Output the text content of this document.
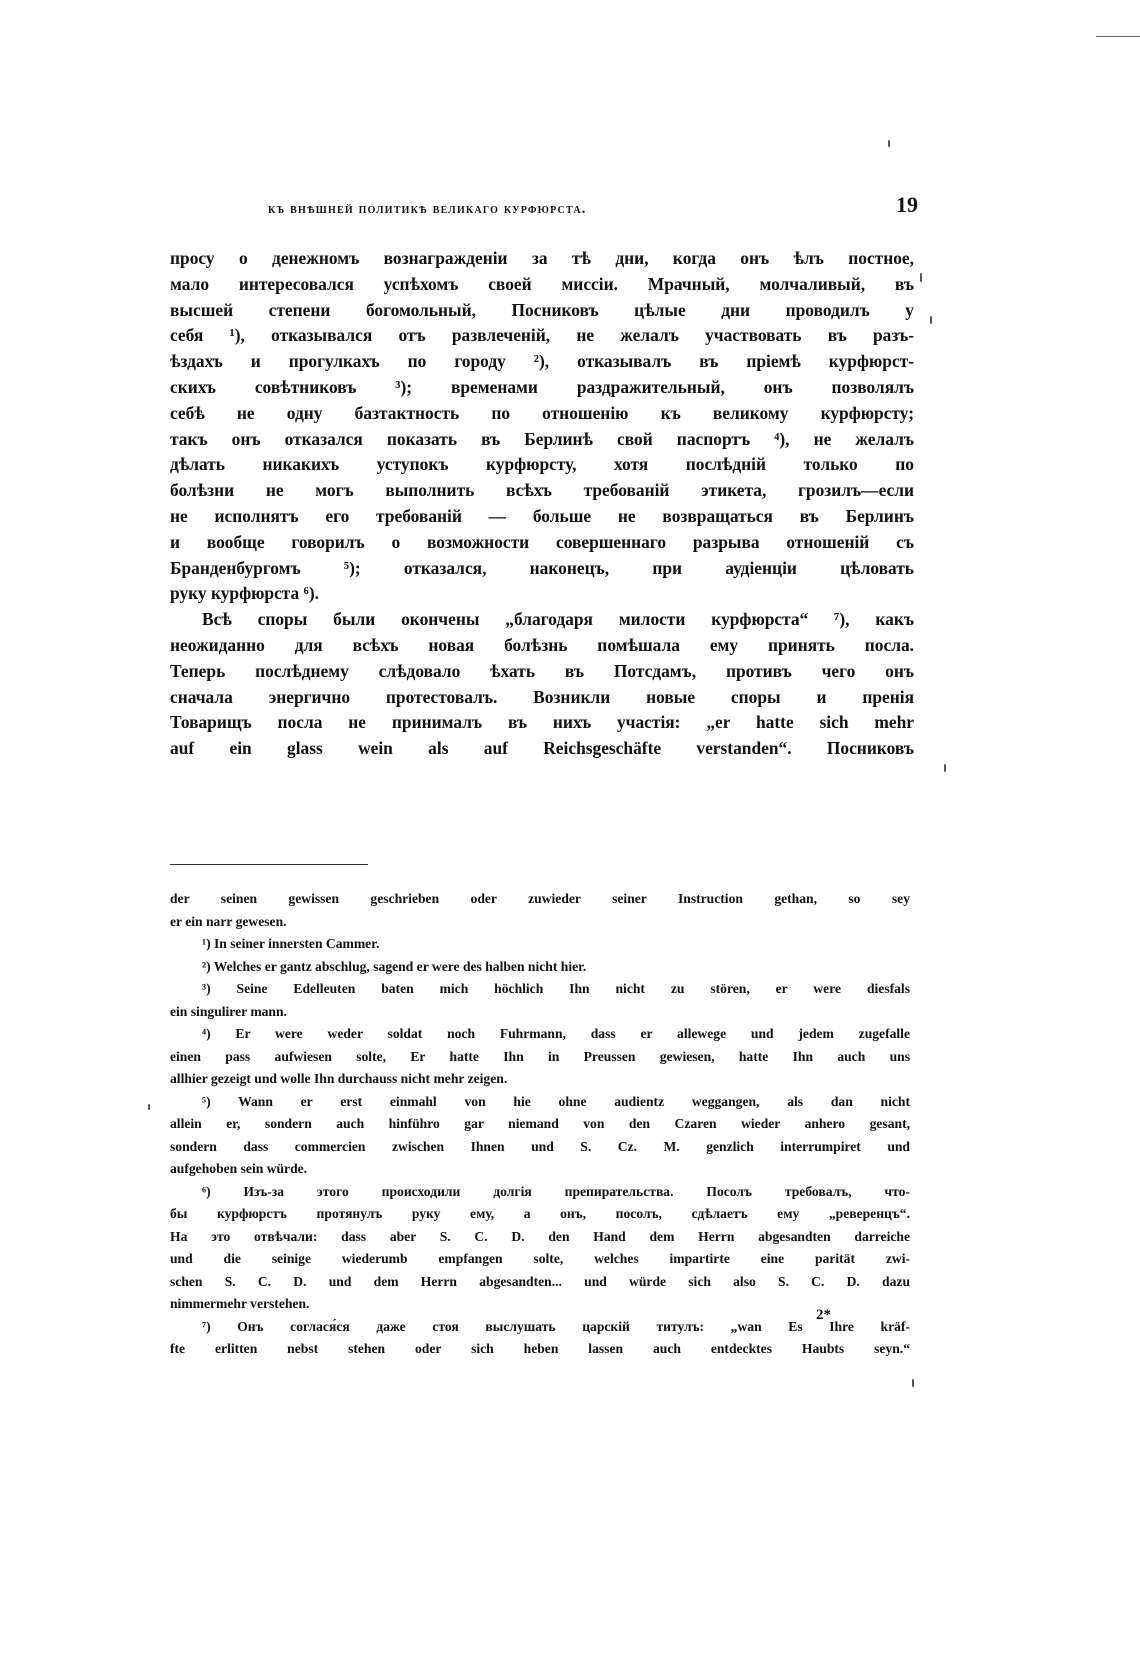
къ внѣшней политикѣ великаго курфюрста.	19
просу о денежномъ вознагражденіи за тѣ дни, когда онъ ѣлъ постное,
мало интересовался успѣхомъ своей миссіи. Мрачный, молчаливый, въ
высшей степени богомольный, Посниковъ цѣлые дни проводилъ у
себя ¹), отказывался отъ развлеченій, не желалъ участвовать въ разъ-
ѣздахъ и прогулкахъ по городу ²), отказывалъ въ пріемѣ курфюрст-
скихъ совѣтниковъ ³); временами раздражительный, онъ позволялъ
себѣ не одну базтактность по отношенію къ великому курфюрсту;
такъ онъ отказался показать въ Берлинѣ свой паспортъ ⁴), не желалъ
дѣлать никакихъ уступокъ курфюрсту, хотя послѣдній только по
болѣзни не могъ выполнить всѣхъ требованій этикета, грозилъ—если
не исполнятъ его требованій — больше не возвращаться въ Берлинъ
и вообще говорилъ о возможности совершеннаго разрыва отношеній съ
Бранденбургомъ ⁵); отказался, наконецъ, при аудіенціи цѣловать
руку курфюрста ⁶).
Всѣ споры были окончены „благодаря милости курфюрста“ ⁷), какъ
неожиданно для всѣхъ новая болѣзнь помѣшала ему принять посла.
Теперь послѣднему слѣдовало ѣхать въ Потсдамъ, противъ чего онъ
сначала энергично протестовалъ. Возникли новые споры и пренія
Товарищъ посла не принималъ въ нихъ участія: „er hatte sich mehr
auf ein glass wein als auf Reichsgeschäfte verstanden“. Посниковъ
der seinen gewissen geschrieben oder zuwieder seiner Instruction gethan, so sey
er ein narr gewesen.
¹) In seiner innersten Cammer.
²) Welches er gantz abschlug, sagend er were des halben nicht hier.
³) Seine Edelleuten baten mich höchlich Ihn nicht zu stören, er were diesfals
ein singulirer mann.
⁴) Er were weder soldat noch Fuhrmann, dass er allewege und jedem zugefalle
einen pass aufwiesen solte, Er hatte Ihn in Preussen gewiesen, hatte Ihn auch uns
allhier gezeigt und wolle Ihn durchauss nicht mehr zeigen.
⁵) Wann er erst einmahl von hie ohne audientz weggangen, als dan nicht
allein er, sondern auch hinführo gar niemand von den Czaren wieder anhero gesant,
sondern dass commercien zwischen Ihnen und S. Cz. M. genzlich interrumpiret und
aufgehoben sein würde.
⁶) Изъ-за этого происходили долгія препирательства. Посолъ требовалъ, что-
бы курфюрстъ протянулъ руку ему, а онъ, посолъ, сдѣлаетъ ему „реверенцъ“.
На это отвѣчали: dass aber S. C. D. den Hand dem Herrn abgesandten darreiche
und die seinige wiederumb empfangen solte, welches impartirte eine parität zwi-
schen S. C. D. und dem Herrn abgesandten... und würde sich also S. C. D. dazu
nimmermehr verstehen.
⁷) Онъ соглася́ся даже стоя выслушать царскій титулъ: „wan Es Ihre kräf-
fte erlitten nebst stehen oder sich heben lassen auch entdecktes Haubts seyn.“
2*
